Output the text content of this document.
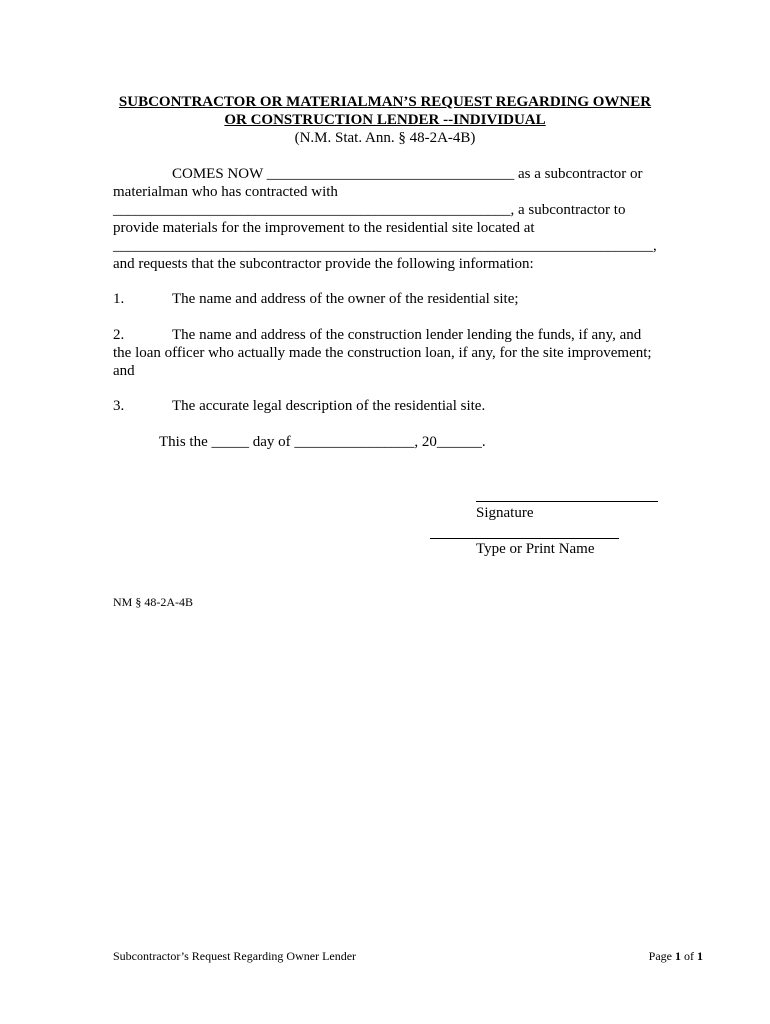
SUBCONTRACTOR OR MATERIALMAN’S REQUEST REGARDING OWNER
OR CONSTRUCTION LENDER --INDIVIDUAL
(N.M. Stat. Ann. § 48-2A-4B)
COMES NOW _________________________________ as a subcontractor or
materialman who has contracted with
_____________________________________________________, a subcontractor to
provide materials for the improvement to the residential site located at
________________________________________________________________________,
and requests that the subcontractor provide the following information:
1.	The name and address of the owner of the residential site;
2.	The name and address of the construction lender lending the funds, if any, and
the loan officer who actually made the construction loan, if any, for the site improvement;
and
3.	The accurate legal description of the residential site.
This the _____ day of ________________, 20______.
Signature
Type or Print Name
NM § 48-2A-4B
Subcontractor’s Request Regarding Owner Lender	Page 1 of 1
